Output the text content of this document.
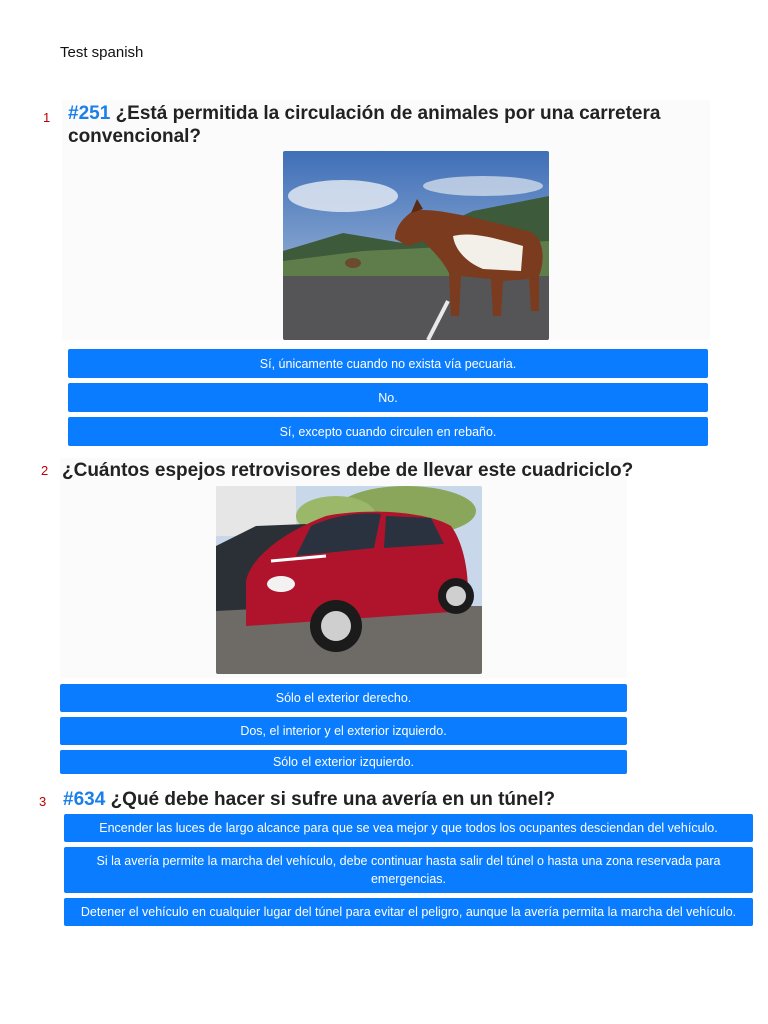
Test spanish
1 #251 ¿Está permitida la circulación de animales por una carretera convencional?
Sí, únicamente cuando no exista vía pecuaria.
No.
Sí, excepto cuando circulen en rebaño.
2 ¿Cuántos espejos retrovisores debe de llevar este cuadriciclo?
Sólo el exterior derecho.
Dos, el interior y el exterior izquierdo.
Sólo el exterior izquierdo.
3 #634 ¿Qué debe hacer si sufre una avería en un túnel?
Encender las luces de largo alcance para que se vea mejor y que todos los ocupantes desciendan del vehículo.
Si la avería permite la marcha del vehículo, debe continuar hasta salir del túnel o hasta una zona reservada para emergencias.
Detener el vehículo en cualquier lugar del túnel para evitar el peligro, aunque la avería permita la marcha del vehículo.
